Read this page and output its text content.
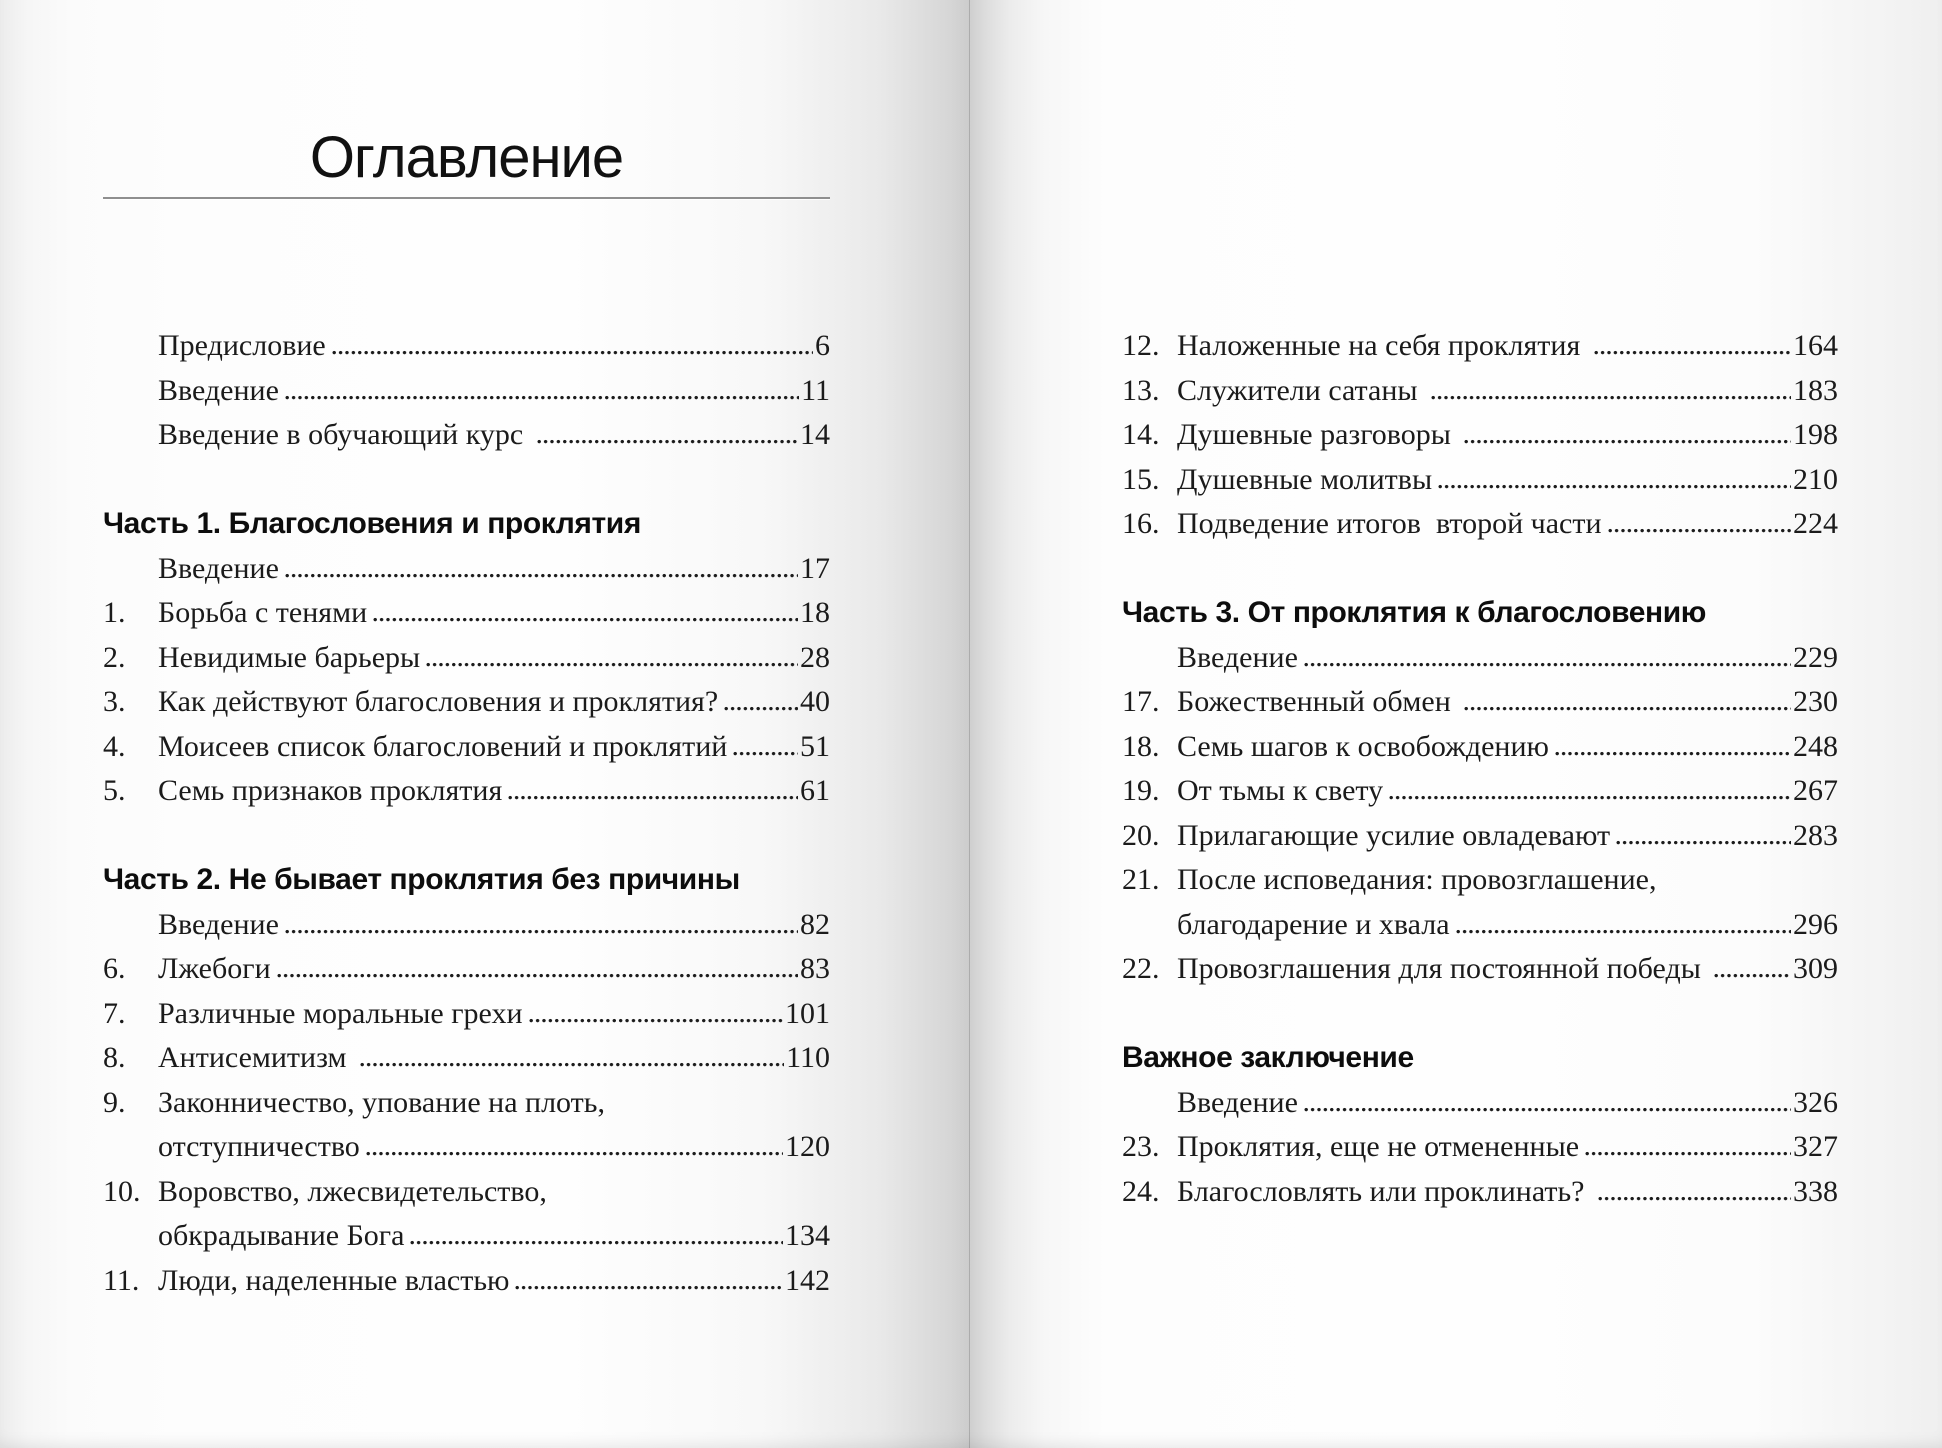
Оглавление
Предисловие	6
Введение	11
Введение в обучающий курс	14
Часть 1. Благословения и проклятия
Введение	17
1.	Борьба с тенями	18
2.	Невидимые барьеры	28
3.	Как действуют благословения и проклятия?	40
4.	Моисеев список благословений и проклятий 51
5.	Семь признаков проклятия	61
Часть 2. Не бывает проклятия без причины
Введение	82
6.	Лжебоги	83
7.	Различные моральные грехи	101
8.	Антисемитизм	110
9.	Законничество, упование на плоть,
отступничество	120
10. Воровство, лжесвидетельство,
обкрадывание Бога	134
11. Люди, наделенные властью	142
12. Наложенные на себя проклятия	164
13. Служители сатаны	183
14. Душевные разговоры	198
15. Душевные молитвы	210
16. Подведение итогов  второй части	224
Часть 3. От проклятия к благословению
Введение	229
17. Божественный обмен	230
18. Семь шагов к освобождению	248
19. От тьмы к свету	267
20. Прилагающие усилие овладевают	283
21. После исповедания: провозглашение,
благодарение и хвала	296
22. Провозглашения для постоянной победы	309
Важное заключение
Введение	326
23. Проклятия, еще не отмененные	327
24. Благословлять или проклинать?	338
